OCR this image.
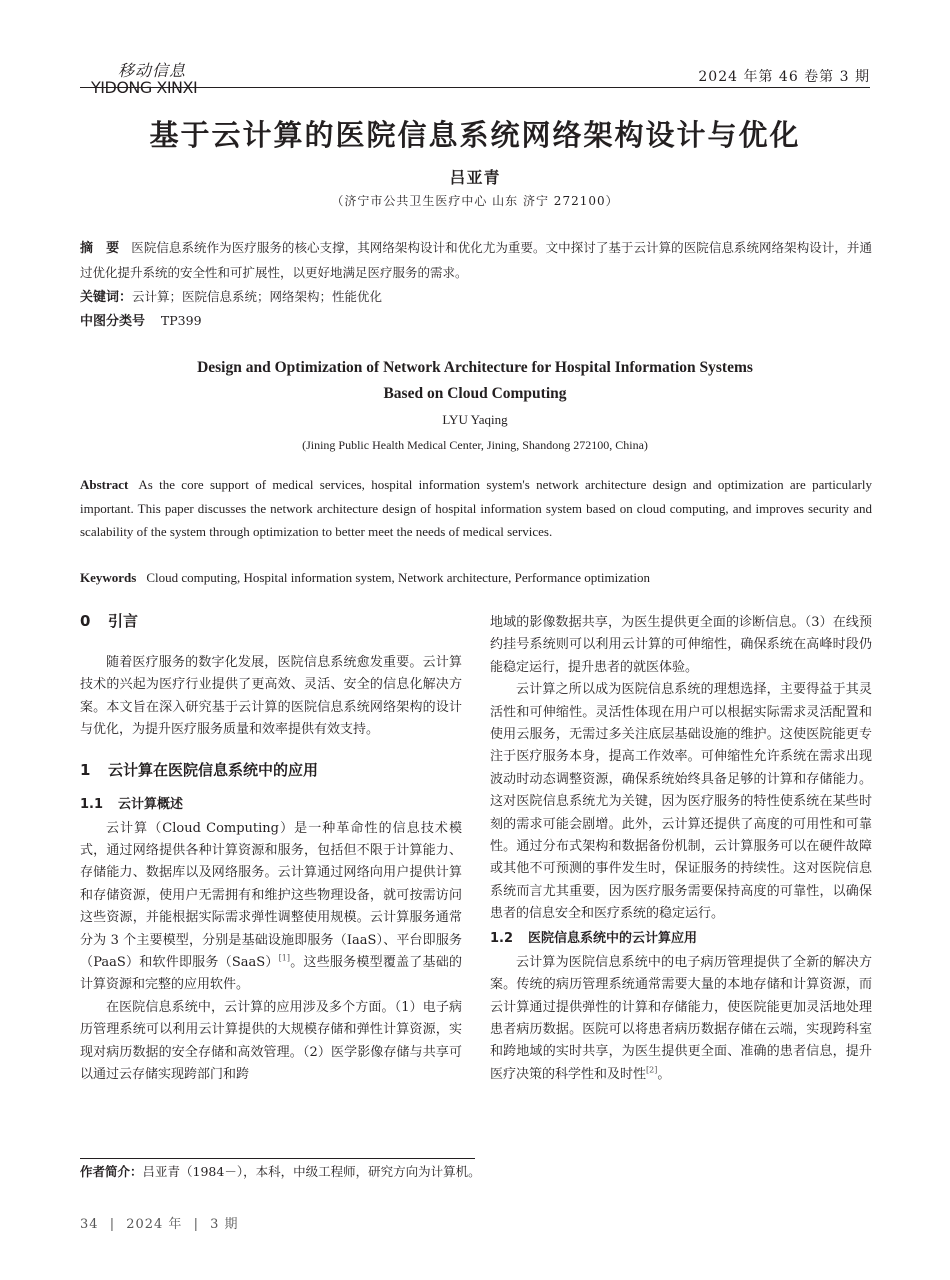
移动信息
YIDONG XINXI
2024 年第 46 卷第 3 期
基于云计算的医院信息系统网络架构设计与优化
吕亚青
（济宁市公共卫生医疗中心 山东 济宁 272100）
摘　要 医院信息系统作为医疗服务的核心支撑，其网络架构设计和优化尤为重要。文中探讨了基于云计算的医院信息系统网络架构设计，并通过优化提升系统的安全性和可扩展性，以更好地满足医疗服务的需求。
关键词：云计算；医院信息系统；网络架构；性能优化
中图分类号 TP399
Design and Optimization of Network Architecture for Hospital Information Systems
Based on Cloud Computing
LYU Yaqing
(Jining Public Health Medical Center, Jining, Shandong 272100, China)
Abstract As the core support of medical services, hospital information system's network architecture design and optimization are particularly important. This paper discusses the network architecture design of hospital information system based on cloud computing, and improves security and scalability of the system through optimization to better meet the needs of medical services.
Keywords Cloud computing, Hospital information system, Network architecture, Performance optimization

0 引言

随着医疗服务的数字化发展，医院信息系统愈发重要。云计算技术的兴起为医疗行业提供了更高效、灵活、安全的信息化解决方案。本文旨在深入研究基于云计算的医院信息系统网络架构的设计与优化，为提升医疗服务质量和效率提供有效支持。

1 云计算在医院信息系统中的应用

1.1 云计算概述

云计算（Cloud Computing）是一种革命性的信息技术模式，通过网络提供各种计算资源和服务，包括但不限于计算能力、存储能力、数据库以及网络服务。云计算通过网络向用户提供计算和存储资源，使用户无需拥有和维护这些物理设备，就可按需访问这些资源，并能根据实际需求弹性调整使用规模。云计算服务通常分为 3 个主要模型，分别是基础设施即服务（IaaS）、平台即服务（PaaS）和软件即服务（SaaS）[1]。这些服务模型覆盖了基础的计算资源和完整的应用软件。

在医院信息系统中，云计算的应用涉及多个方面。（1）电子病历管理系统可以利用云计算提供的大规模存储和弹性计算资源，实现对病历数据的安全存储和高效管理。（2）医学影像存储与共享可以通过云存储实现跨部门和跨

地域的影像数据共享，为医生提供更全面的诊断信息。（3）在线预约挂号系统则可以利用云计算的可伸缩性，确保系统在高峰时段仍能稳定运行，提升患者的就医体验。

云计算之所以成为医院信息系统的理想选择，主要得益于其灵活性和可伸缩性。灵活性体现在用户可以根据实际需求灵活配置和使用云服务，无需过多关注底层基础设施的维护。这使医院能更专注于医疗服务本身，提高工作效率。可伸缩性允许系统在需求出现波动时动态调整资源，确保系统始终具备足够的计算和存储能力。这对医院信息系统尤为关键，因为医疗服务的特性使系统在某些时刻的需求可能会剧增。此外，云计算还提供了高度的可用性和可靠性。通过分布式架构和数据备份机制，云计算服务可以在硬件故障或其他不可预测的事件发生时，保证服务的持续性。这对医院信息系统而言尤其重要，因为医疗服务需要保持高度的可靠性，以确保患者的信息安全和医疗系统的稳定运行。

1.2 医院信息系统中的云计算应用

云计算为医院信息系统中的电子病历管理提供了全新的解决方案。传统的病历管理系统通常需要大量的本地存储和计算资源，而云计算通过提供弹性的计算和存储能力，使医院能更加灵活地处理患者病历数据。医院可以将患者病历数据存储在云端，实现跨科室和跨地域的实时共享，为医生提供更全面、准确的患者信息，提升医疗决策的科学性和及时性[2]。

作者简介：吕亚青（1984－），本科，中级工程师，研究方向为计算机。
34 | 2024 年 | 3 期
